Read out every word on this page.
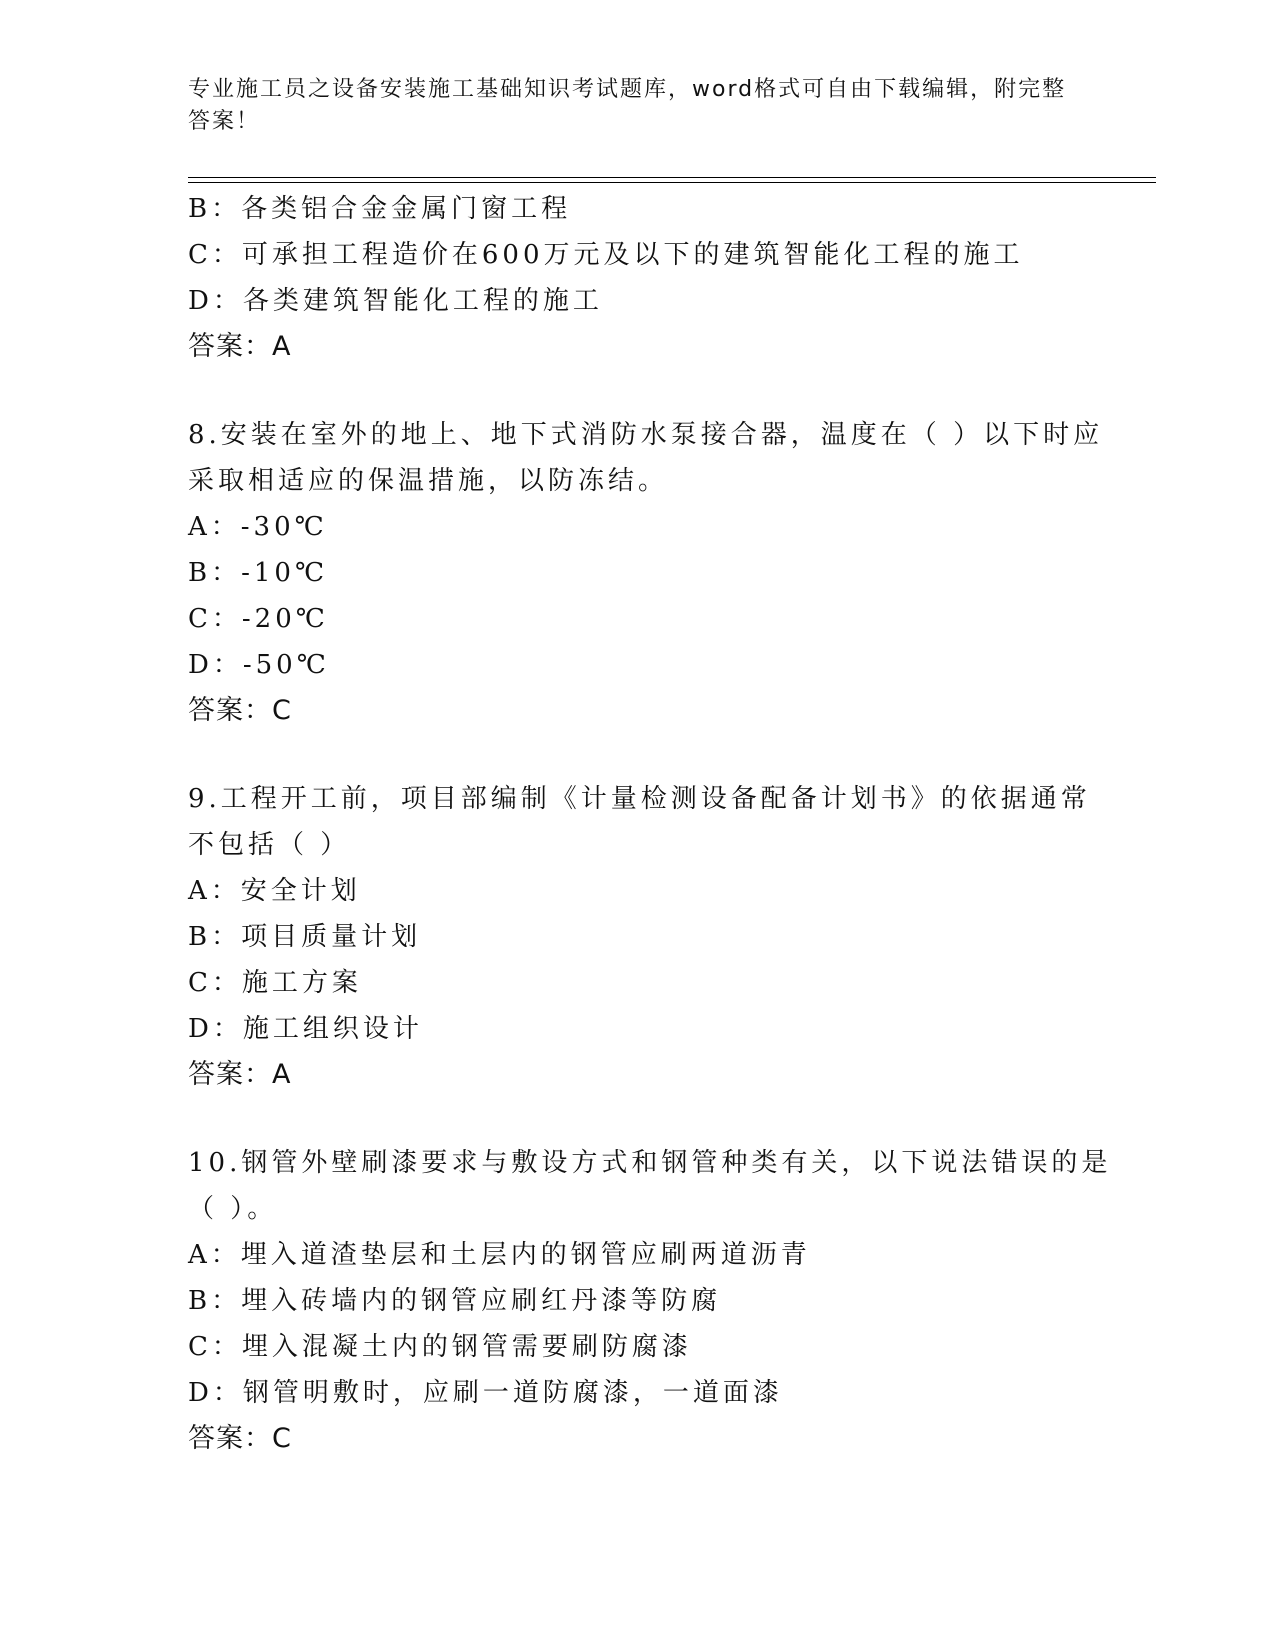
专业施工员之设备安装施工基础知识考试题库，word格式可自由下载编辑，附完整答案！
B：各类铝合金金属门窗工程
C：可承担工程造价在600万元及以下的建筑智能化工程的施工
D：各类建筑智能化工程的施工
答案：A
8.安装在室外的地上、地下式消防水泵接合器，温度在（ ）以下时应
采取相适应的保温措施，以防冻结。
A：-30℃
B：-10℃
C：-20℃
D：-50℃
答案：C
9.工程开工前，项目部编制《计量检测设备配备计划书》的依据通常
不包括（ ）
A：安全计划
B：项目质量计划
C：施工方案
D：施工组织设计
答案：A
10.钢管外壁刷漆要求与敷设方式和钢管种类有关，以下说法错误的是
（ ）。
A：埋入道渣垫层和土层内的钢管应刷两道沥青
B：埋入砖墙内的钢管应刷红丹漆等防腐
C：埋入混凝土内的钢管需要刷防腐漆
D：钢管明敷时，应刷一道防腐漆，一道面漆
答案：C
